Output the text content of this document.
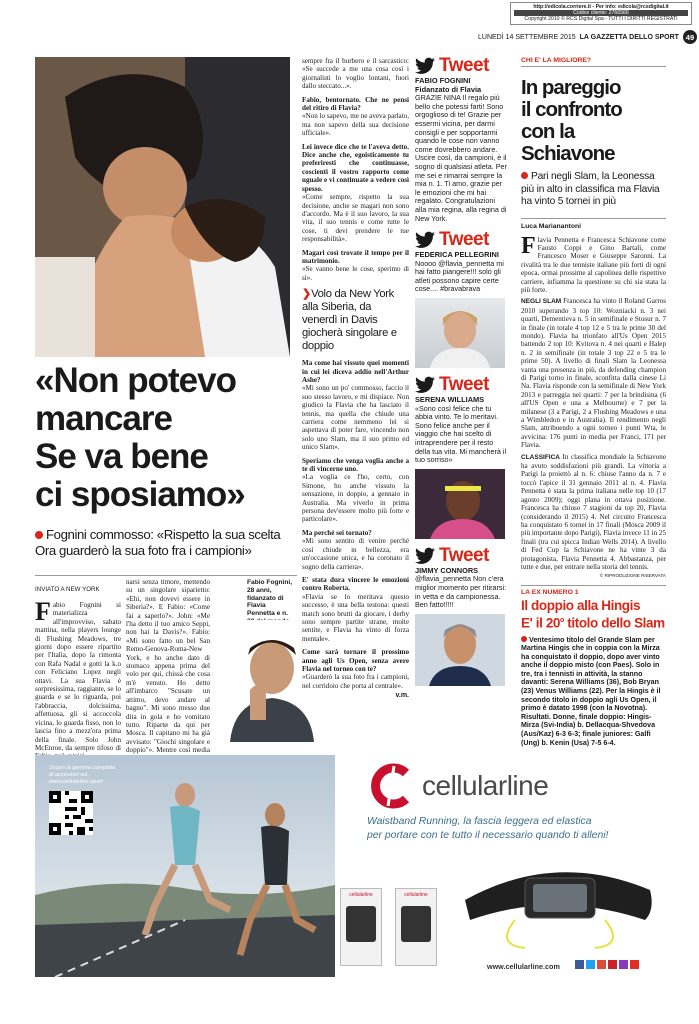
http://edicola.corriere.it - Per info: edicola@rcsdigital.it
Codice cliente: 2766566
Copyright 2010 © RCS Digital Spa - TUTTI I DIRITTI REGISTRATI
LUNEDÌ 14 SETTEMBRE 2015 LA GAZZETTA DELLO SPORT 49
«Non potevo
mancare
Se va bene
ci sposiamo»
Fognini commosso: «Rispetto la sua scelta
Ora guarderò la sua foto fra i campioni»
INVIATO A NEW YORK

Fabio Fognini si materializza all'improvviso, sabato mattina, nella players lounge di Flushing Meadows, tre giorni dopo essere ripartito per l'Italia, dopo la rimonta con Rafa Nadal e gotti la k.o con Feliciano Lopez negli ottavi. La sua Flavia è sorpresissima, raggiante, se lo guarda e se lo riguarda, poi l'abbraccia, dolcissima, affettuosa, gli si accoccola vicina, lo guarda fisso, non lo lascia fino a mezz'ora prima della finale. Solo John McEnroe, da sempre tifoso di

narsi senza timore, mettendo su un singolare siparietto: «Ehi, non dovevi essere in Siberia?». E Fabio: «Come fai a saperlo?». John: «Me l'ha detto il tuo amico Seppi, non hai la Davis?». Fabio: «Mi sono fatto un bel San Remo-Genova-Roma-New York, e ho anche dato di stomaco appena prima del volo per qui, chissà che cosa m'è venuto. Ho detto all'imbarco "Scusate un attimo, devo andare al bagno". Mi sono messo due dita in gola e ho vomitato tutto. Ripartø da qui per Mosca. Il capitano mi ha già avvisato: "Giochi singolare e doppio"». Mentre così media

Fabio Fognini, 28 anni, fidanzato di Flavia Pennetta e n.

sempre fra il burbero e il sarcastico: «Se succede a me una cosa così i giornalisti lo voglio lontani, fuori dallo steccato...».

Fabio, bentornato. Che ne pensi del ritiro di Flavia?

«Non lo sapevo, me ne aveva parlato, ma non sapevo della sua decisione ufficiale».

Lei invece dice che te l'aveva detto. Dice anche che, egoisticamente tu preferiresti che continuasse, coscienti il vostro rapporto come uguale e vi continuate a vedere così spesso.

«Come sempre, rispetto la sua decisione, anche se magari non sono d'accordo. Ma è il suo lavoro, la sua vita, il suo tennis e come tutte le cose, ti devi prendere le tue responsabilità».

Magari così trovate il tempo per il matrimonio.

«Se vanno bene le cose, sperimo di sì».

❯Volo da New York alla Siberia, da venerdì in Davis giocherà singolare e doppio

Ma come hai vissuto quei momenti in cui lei diceva addio nell'Arthur Ashe?

«Mi sono un po' commosso, faccio il suo stesso lavoro, e mi dispiace. Non giudico la Flavia che ha lasciato il tennis, ma quella che chiude una carriera come nemmeno lei si aspettava di poter fare, vincendo non solo uno Slam, ma il suo primo ed unico Slam».

Speriamo che venga voglia anche a te di vincerne uno.

«La voglia ce l'ho, certo, con Simone, ho anche vissuto la sensazione, in doppio, a gennaio in Australia. Ma viverlo in prima persona dev'essere molto più forte e particolare».

Ma perché sei tornato?

«Mi sono sentito di venire perché così chiude in bellezza, era un'occasione unica, e ha coronato il sogno della carriera».

E' stata dura vincere le emozioni contro Roberta.

«Flavia se lo meritava questo successo, è una bella testona: questi match sono brutti da giocare, i derby sono sempre partite strane, molte sentite, e Flavia ha vinto di forza mentale».

Come sarà tornare il prossimo anno agli Us Open, senza avere Flavia nel torneo con te?

«Guarderò la sua foto fra i campioni, nel corridoio che porta al centrale».

v.m.
Tweet
FABIO FOGNINI
Fidanzato di Flavia
GRAZIE NINA Il regalo più bello che potessi farti! Sono orgoglioso di te! Grazie per essermi vicina, per darmi consigli e per sopportarmi quando le cose non vanno come dovrebbero andare. Uscire così, da campioni, è il sogno di qualsiasi atleta. Per me sei e rimarrai sempre la mia n. 1. Ti amo, grazie per le emozioni che mi hai regalato. Congratulazioni alla mia regina, alla regina di New York.
Tweet
FEDERICA PELLEGRINI
Noooo @flavia_pennetta mi hai fatto piangere!!! solo gli atleti possono capire certe cose.... #bravabrava
Tweet
SERENA WILLIAMS
«Sono così felice che tu abbia vinto. Te lo meritavi. Sono felice anche per il viaggio che hai scelto di intraprendere per il resto della tua vita. Mi mancherà il tuo sorriso»
Tweet
JIMMY CONNORS
@flavia_pennetta Non c'era miglior momento per ritirarsi: in vetta e da campionessa. Ben fatto!!!!!
CHI E' LA MIGLIORE?
In pareggio
il confronto
con la Schiavone
Pari negli Slam, la Leonessa più in alto in classifica ma Flavia ha vinto 5 tornei in più
Luca Marianantoni

Flavia Pennetta e Francesca Schiavone come Fausto Coppi e Gino Bartali, come Francesco Moser e Giuseppe Saronni. La rivalità tra le due tenniste italiane più forti di ogni epoca, ormai prossime al capolinea delle rispettive carriere, infiamma la questione su chi sia stata la più forte.

NEGLI SLAM Francesca ha vinto il Roland Garros 2010 superando 3 top 10: Wozniacki n. 3 nei quarti, Dementieva n. 5 in semifinale e Stosur n. 7 in finale (in totale 4 top 12 e 5 tra le prime 30 del mondo). Flavia ha trionfato all'Us Open 2015 battendo 2 top 10: Kvitova n. 4 nei quarti e Halep n. 2 in semifinale (in totale 3 top 22 e 5 tra le prime 50). A livello di finali Slam la Leonessa vanta una presenza in più, da defending champion di Parigi torno in finale, sconfitta dalla cinese Li Na. Flavia risponde con la semifinale di New York 2013 e parreggia nei quarti: 7 per la brindisina (6 all'US Open e una a Melbourne) e 7 per la milanese (3 a Parigi, 2 a Flushing Meadows e una a Wimbledon e in Australia). Il rendimento negli Slam, attribuendo a ogni torneo i punti Wta, le avvicina: 176 punti in media per Franci, 171 per Flavia.

CLASSIFICA In classifica mondiale la Schiavone ha avuto soddisfazioni più grandi. La vittoria a Parigi la proiettò al n. 6: chiuse l'anno da n. 7 e toccò l'apice il 31 gennaio 2011 al n. 4. Flavia Pennetta è stata la prima italiana nelle top 10 (17 agosto 2009); oggi plana in ottava posizione. Francesca ha chiuso 7 stagioni da top 20, Flavia (considerando il 2015) 4. Nel circuito Francesca ha conquistato 6 tornei in 17 finali (Mosca 2009 il più importante dopo Parigi), Flavia invece 11 in 25 finali (tra cui spicca Indian Wells 2014). A livello di Fed Cup la Schiavone ne ha vinte 3 da protagonista, Flavia Pennetta 4. Abbastanza, per tutte e due, per entrare nella storia del tennis.

© RIPRODUZIONE RISERVATA
LA EX NUMERO 1
Il doppio alla Hingis
E' il 20$^o$ titolo dello Slam
Ventesimo titolo del Grande Slam per Martina Hingis che in coppia con la Mirza ha conquistato il doppio, dopo aver vinto anche il doppio misto (con Paes). Solo in tre, tra i tennisti in attività, la stanno davanti: Serena Williams (36), Bob Bryan (23) Venus Williams (22). Per la Hingis è il secondo titolo in doppio agli Us Open, il primo è datato 1998 (con la Novotna).
Risultati. Donne, finale doppio: Hingis-Mirza (Svi-India) b. Dellacqua-Shvedova (Aus/Kaz) 6-3 6-3; finale juniores: Galfi (Ung) b. Kenin (Usa) 7-5 6-4.
Scopri la gamma completa
di accessori sul
www.cellularline.sport	cellularline
Waistband Running, la fascia leggera ed elastica
per portare con te tutto il necessario quando ti alleni!
cellularline	cellularline
www.cellularline.com
